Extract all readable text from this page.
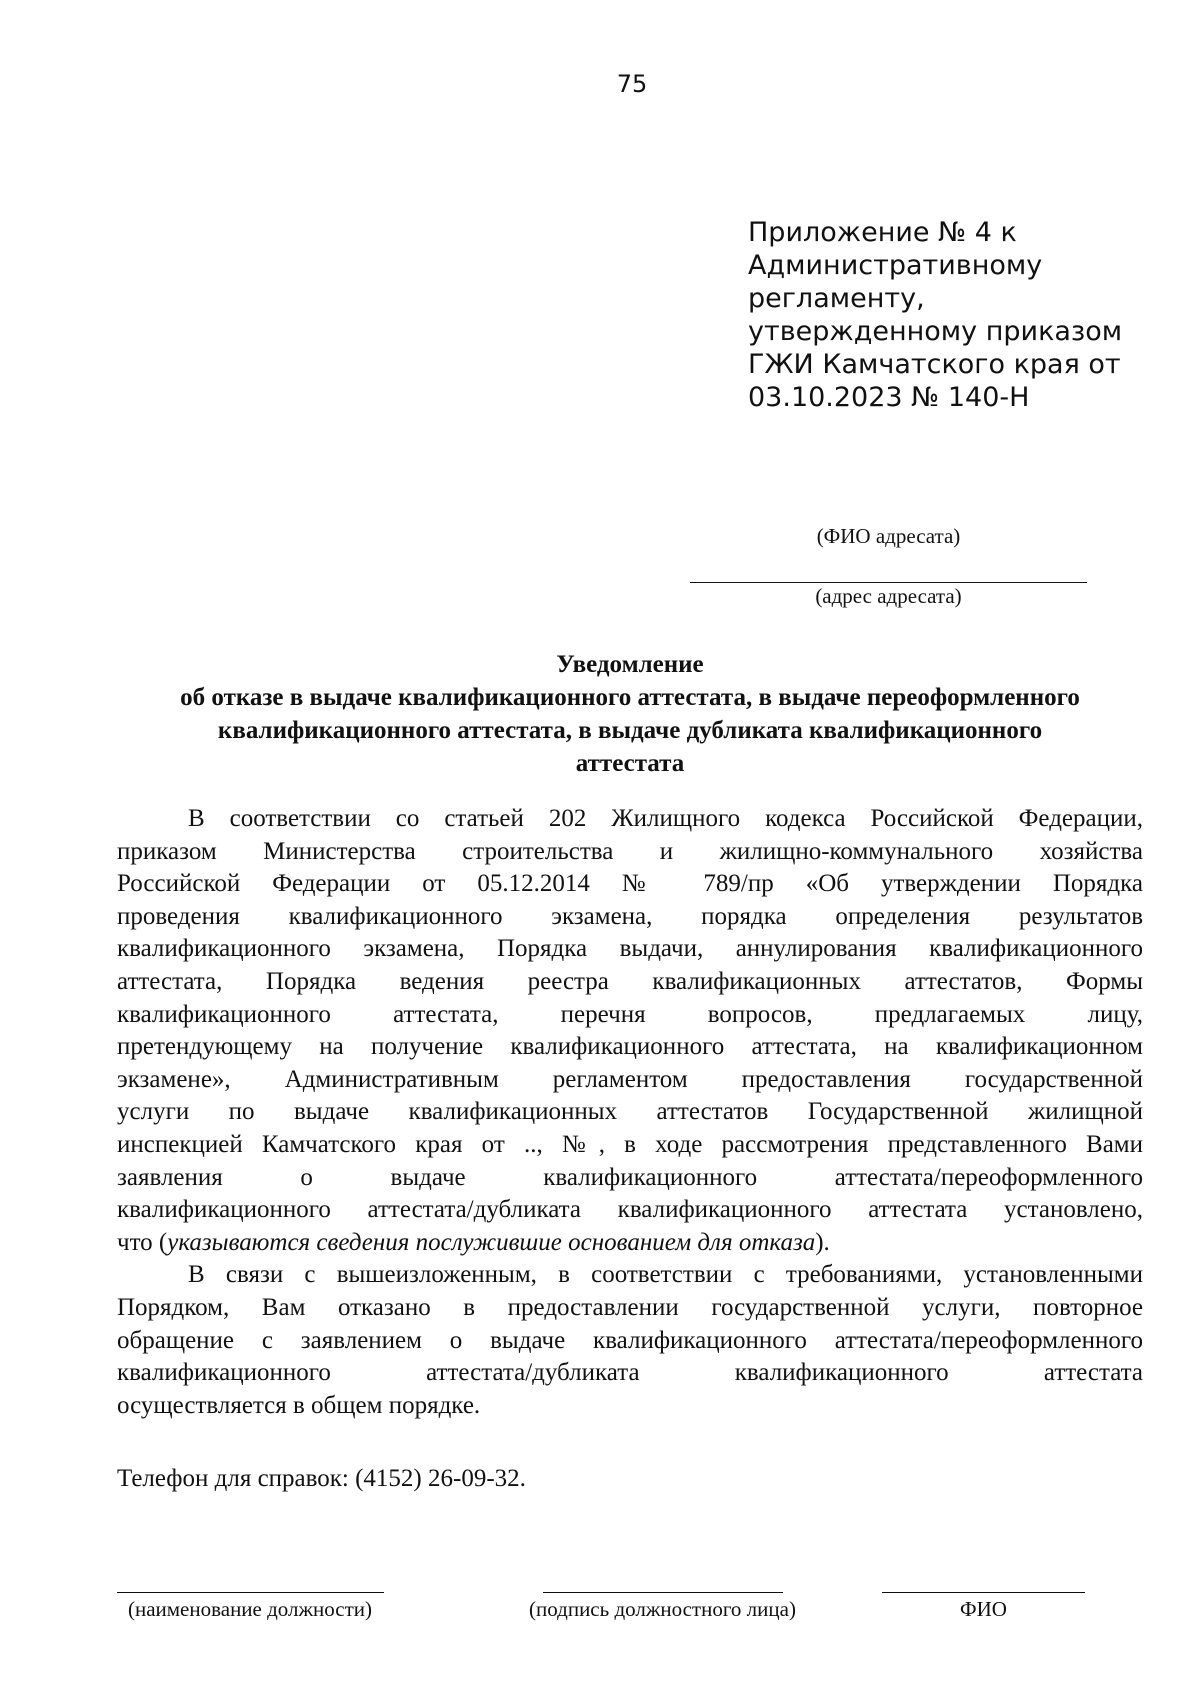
75
Приложение № 4 к
Административному
регламенту,
утвержденному приказом
ГЖИ Камчатского края от
03.10.2023 № 140-Н
(ФИО адресата)
(адрес адресата)
Уведомление
об отказе в выдаче квалификационного аттестата, в выдаче переоформленного
квалификационного аттестата, в выдаче дубликата квалификационного
аттестата
В соответствии со статьей 202 Жилищного кодекса Российской Федерации,
приказом Министерства строительства и жилищно-коммунального хозяйства
Российской Федерации от 05.12.2014 № 789/пр «Об утверждении Порядка
проведения квалификационного экзамена, порядка определения результатов
квалификационного экзамена, Порядка выдачи, аннулирования квалификационного
аттестата, Порядка ведения реестра квалификационных аттестатов, Формы
квалификационного аттестата, перечня вопросов, предлагаемых лицу,
претендующему на получение квалификационного аттестата, на квалификационном
экзамене», Административным регламентом предоставления государственной
услуги по выдаче квалификационных аттестатов Государственной жилищной
инспекцией Камчатского края от .., №, в ходе рассмотрения представленного Вами
заявления о выдаче квалификационного аттестата/переоформленного
квалификационного аттестата/дубликата квалификационного аттестата установлено,
что (указываются сведения послужившие основанием для отказа).
В связи с вышеизложенным, в соответствии с требованиями, установленными
Порядком, Вам отказано в предоставлении государственной услуги, повторное
обращение с заявлением о выдаче квалификационного аттестата/переоформленного
квалификационного аттестата/дубликата квалификационного аттестата
осуществляется в общем порядке.
Телефон для справок: (4152) 26-09-32.
(наименование должности)	(подпись должностного лица)	ФИО
